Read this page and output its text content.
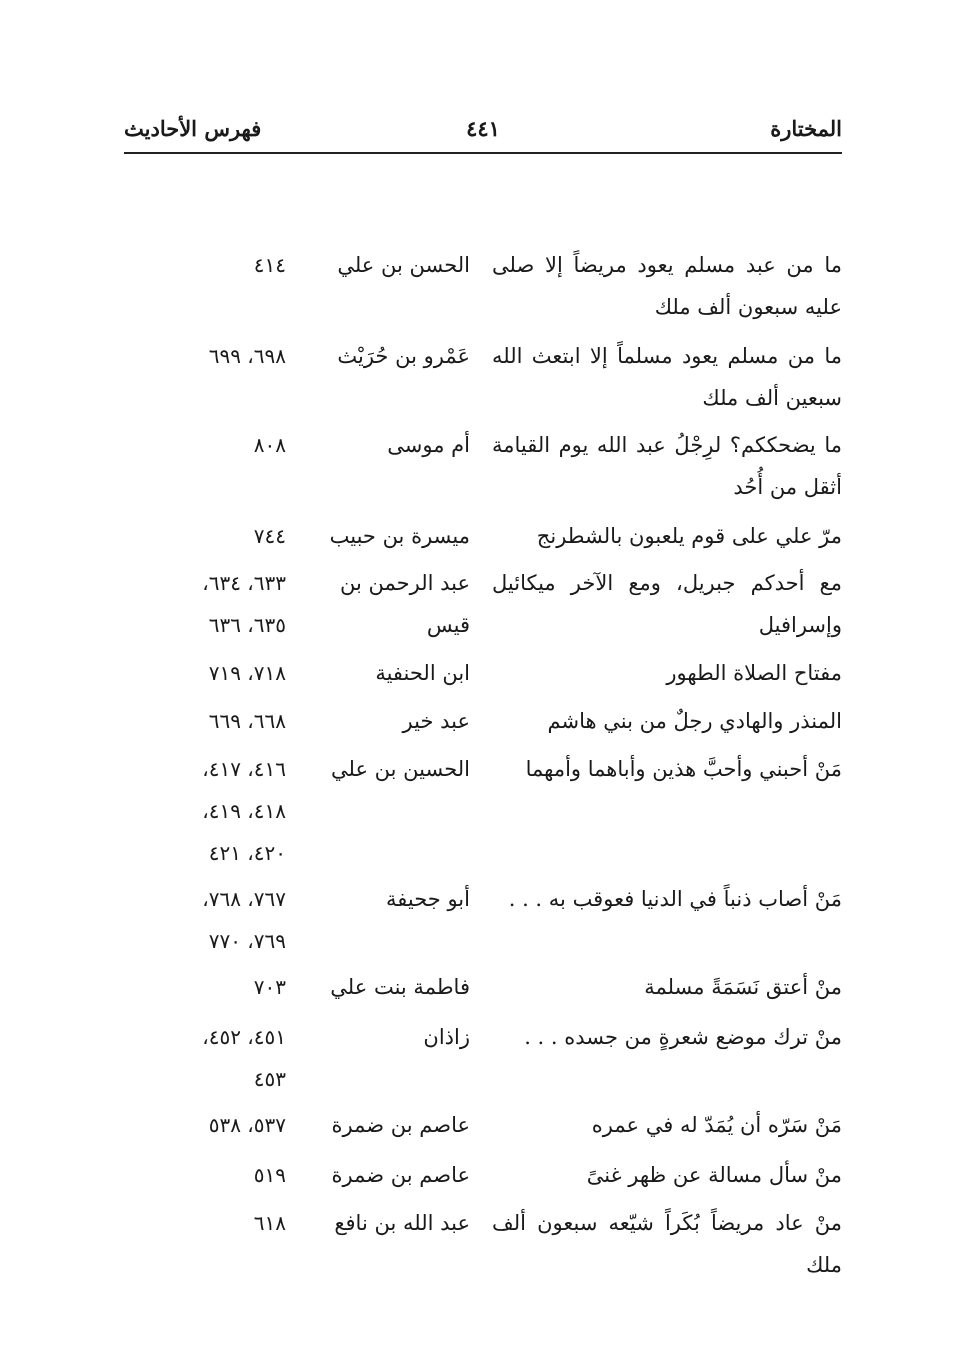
المختارة
٤٤١
فهرس الأحاديث
ما من عبد مسلم يعود مريضاً إلا صلى عليه سبعون ألف ملك
الحسن بن علي
٤١٤
ما من مسلم يعود مسلماً إلا ابتعث الله سبعين ألف ملك
عَمْرو بن حُرَيْث
٦٩٨، ٦٩٩
ما يضحككم؟ لرِجْلُ عبد الله يوم القيامة أثقل من أُحُد
أم موسى
٨٠٨
مرّ علي على قوم يلعبون بالشطرنج
ميسرة بن حبيب
٧٤٤
مع أحدكم جبريل، ومع الآخر ميكائيل وإسرافيل
عبد الرحمن بن قيس
٦٣٣، ٦٣٤،
٦٣٥، ٦٣٦
مفتاح الصلاة الطهور
ابن الحنفية
٧١٨، ٧١٩
المنذر والهادي رجلٌ من بني هاشم
عبد خير
٦٦٨، ٦٦٩
مَنْ أحبني وأحبَّ هذين وأباهما وأمهما
الحسين بن علي
٤١٦، ٤١٧،
٤١٨، ٤١٩،
٤٢٠، ٤٢١
مَنْ أصاب ذنباً في الدنيا فعوقب به . . .
أبو جحيفة
٧٦٧، ٧٦٨،
٧٦٩، ٧٧٠
منْ أعتق نَسَمَةً مسلمة
فاطمة بنت علي
٧٠٣
منْ ترك موضع شعرةٍ من جسده . . .
زاذان
٤٥١، ٤٥٢،
٤٥٣
مَنْ سَرّه أن يُمَدّ له في عمره
عاصم بن ضمرة
٥٣٧، ٥٣٨
منْ سأل مسالة عن ظهر غنىً
عاصم بن ضمرة
٥١٩
منْ عاد مريضاً بُكَراً شيّعه سبعون ألف ملك
عبد الله بن نافع
٦١٨
